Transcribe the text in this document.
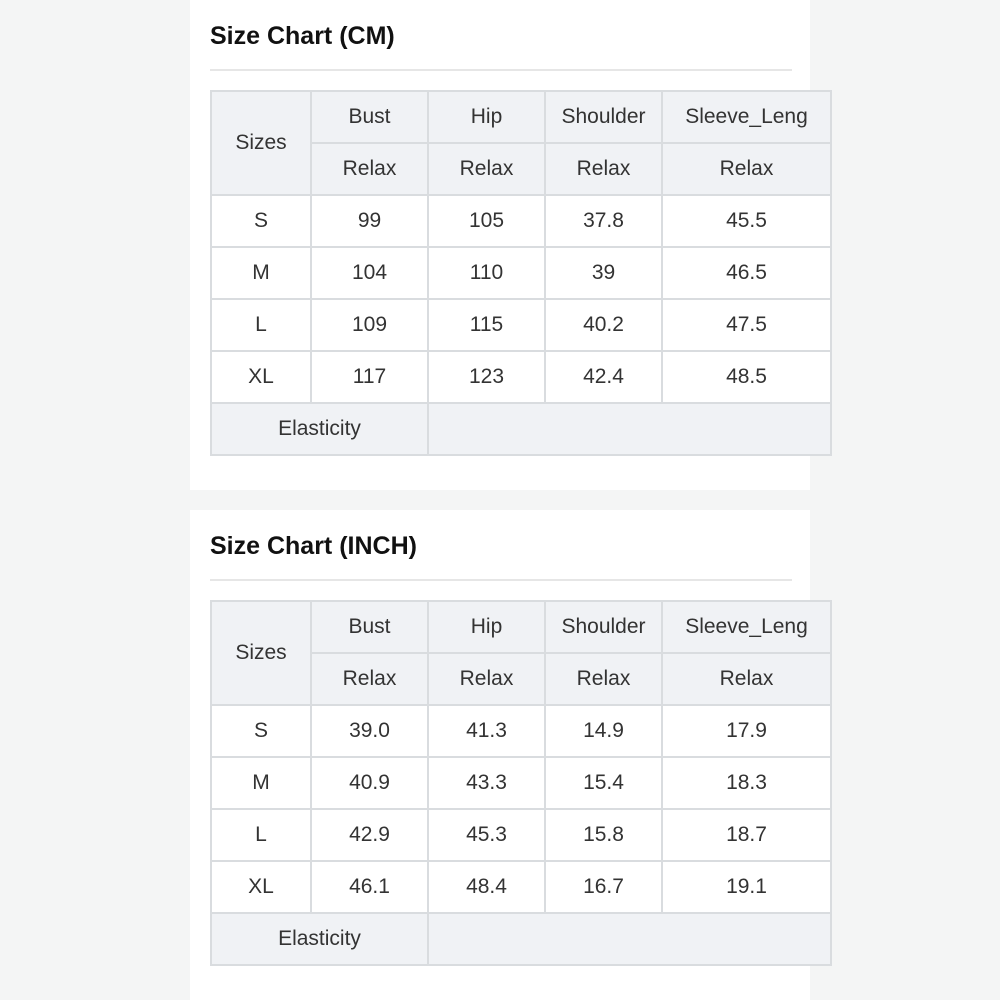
Size Chart (CM)
Sizes	Bust	Hip	Shoulder	Sleeve_Leng
	Relax	Relax	Relax	Relax
S	99	105	37.8	45.5
M	104	110	39	46.5
L	109	115	40.2	47.5
XL	117	123	42.4	48.5
Elasticity				
Size Chart (INCH)
Sizes	Bust	Hip	Shoulder	Sleeve_Leng
	Relax	Relax	Relax	Relax
S	39.0	41.3	14.9	17.9
M	40.9	43.3	15.4	18.3
L	42.9	45.3	15.8	18.7
XL	46.1	48.4	16.7	19.1
Elasticity				
